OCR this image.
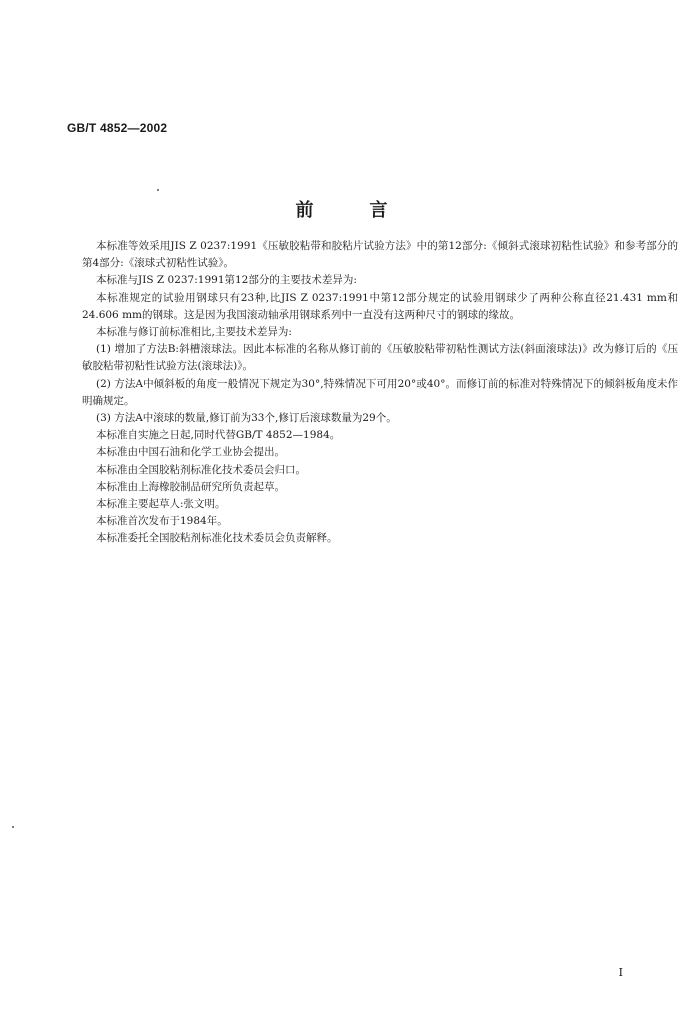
GB/T 4852—2002
前言

本标准等效采用JIS Z 0237:1991《压敏胶粘带和胶粘片试验方法》中的第12部分:《倾斜式滚球初粘性试验》和参考部分的第4部分:《滚球式初粘性试验》。

本标准与JIS Z 0237:1991第12部分的主要技术差异为:

本标准规定的试验用钢球只有23种,比JIS Z 0237:1991中第12部分规定的试验用钢球少了两种公称直径21.431 mm和24.606 mm的钢球。这是因为我国滚动轴承用钢球系列中一直没有这两种尺寸的钢球的缘故。

本标准与修订前标准相比,主要技术差异为:

(1) 增加了方法B:斜槽滚球法。因此本标准的名称从修订前的《压敏胶粘带初粘性测试方法(斜面滚球法)》改为修订后的《压敏胶粘带初粘性试验方法(滚球法)》。

(2) 方法A中倾斜板的角度一般情况下规定为30°,特殊情况下可用20°或40°。而修订前的标准对特殊情况下的倾斜板角度未作明确规定。

(3) 方法A中滚球的数量,修订前为33个,修订后滚球数量为29个。

本标准自实施之日起,同时代替GB/T 4852—1984。

本标准由中国石油和化学工业协会提出。

本标准由全国胶粘剂标准化技术委员会归口。

本标准由上海橡胶制品研究所负责起草。

本标准主要起草人:张文明。

本标准首次发布于1984年。

本标准委托全国胶粘剂标准化技术委员会负责解释。

I
